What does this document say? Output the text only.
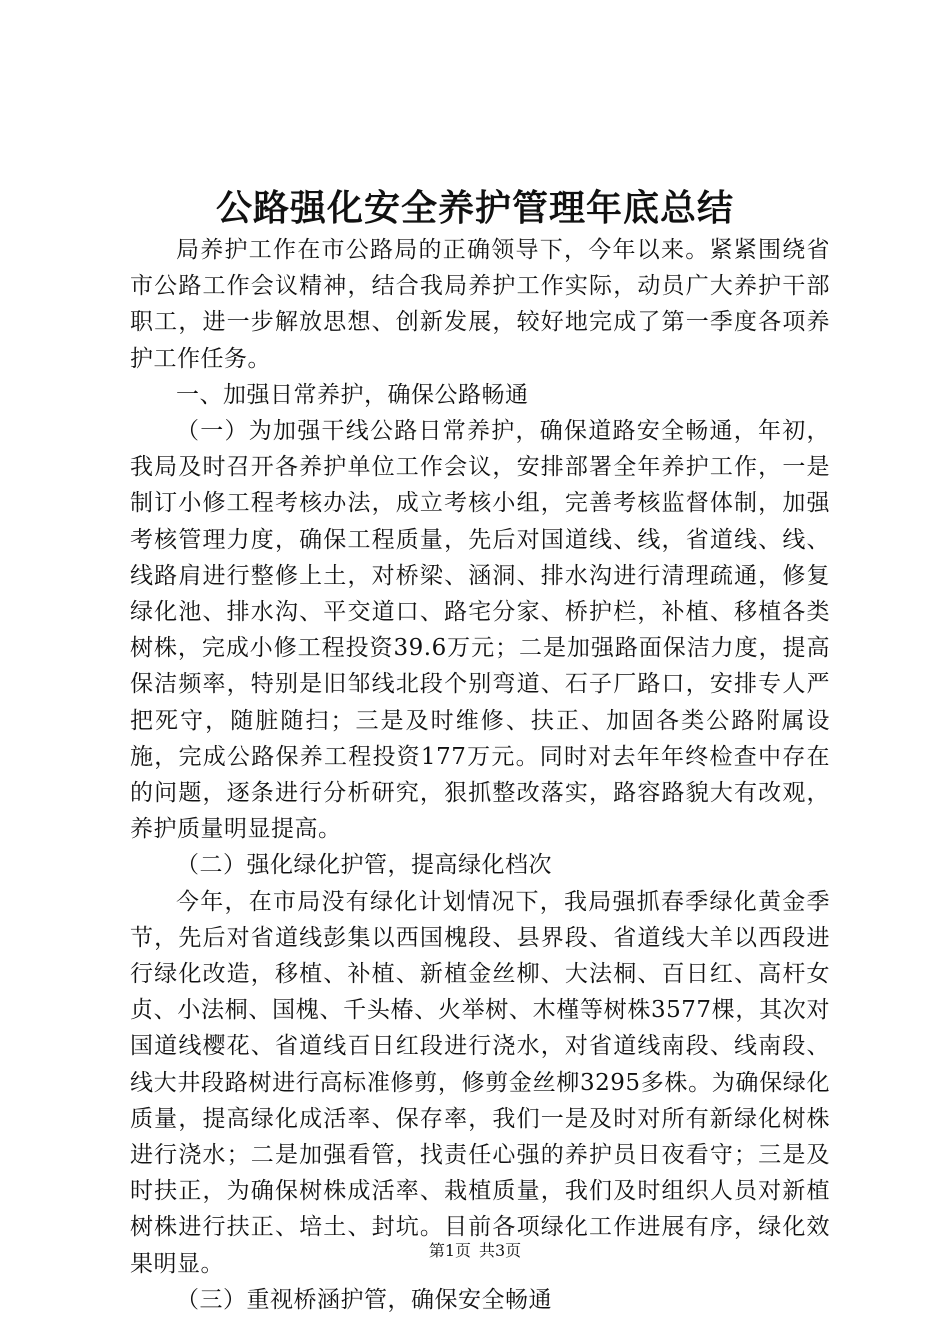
公路强化安全养护管理年底总结

局养护工作在市公路局的正确领导下，今年以来。紧紧围绕省市公路工作会议精神，结合我局养护工作实际，动员广大养护干部职工，进一步解放思想、创新发展，较好地完成了第一季度各项养护工作任务。

一、加强日常养护，确保公路畅通

（一）为加强干线公路日常养护，确保道路安全畅通，年初，我局及时召开各养护单位工作会议，安排部署全年养护工作，一是制订小修工程考核办法，成立考核小组，完善考核监督体制，加强考核管理力度，确保工程质量，先后对国道线、线，省道线、线、线路肩进行整修上土，对桥梁、涵洞、排水沟进行清理疏通，修复绿化池、排水沟、平交道口、路宅分家、桥护栏，补植、移植各类树株，完成小修工程投资39.6万元；二是加强路面保洁力度，提高保洁频率，特别是旧邹线北段个别弯道、石子厂路口，安排专人严把死守，随脏随扫；三是及时维修、扶正、加固各类公路附属设施，完成公路保养工程投资177万元。同时对去年年终检查中存在的问题，逐条进行分析研究，狠抓整改落实，路容路貌大有改观，养护质量明显提高。

（二）强化绿化护管，提高绿化档次

今年，在市局没有绿化计划情况下，我局强抓春季绿化黄金季节，先后对省道线彭集以西国槐段、县界段、省道线大羊以西段进行绿化改造，移植、补植、新植金丝柳、大法桐、百日红、高杆女贞、小法桐、国槐、千头椿、火举树、木槿等树株3577棵，其次对国道线樱花、省道线百日红段进行浇水，对省道线南段、线南段、线大井段路树进行高标准修剪，修剪金丝柳3295多株。为确保绿化质量，提高绿化成活率、保存率，我们一是及时对所有新绿化树株进行浇水；二是加强看管，找责任心强的养护员日夜看守；三是及时扶正，为确保树株成活率、栽植质量，我们及时组织人员对新植树株进行扶正、培土、封坑。目前各项绿化工作进展有序，绿化效果明显。

（三）重视桥涵护管，确保安全畅通

第1页 共3页
